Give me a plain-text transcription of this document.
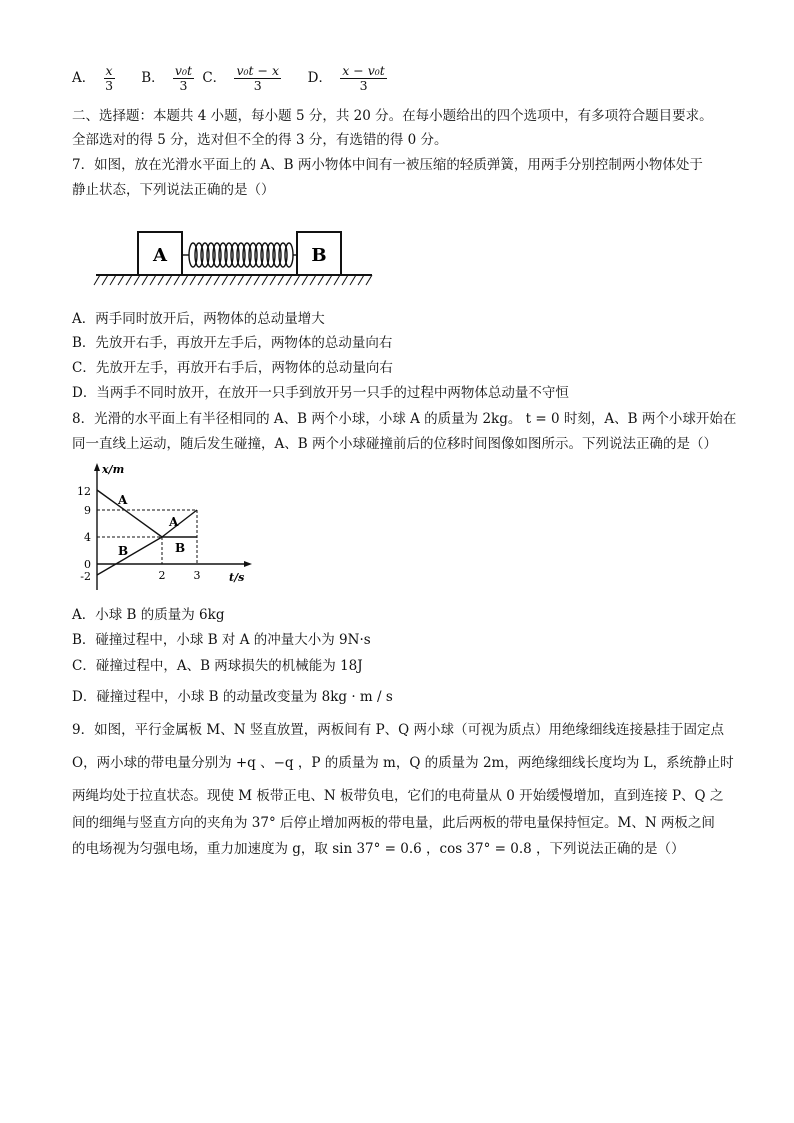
A． $\frac{x}{3}$ B． $\frac{\text{v₀t}}{3}$ C． $\frac{\text{v₀t − x}}{3}$ D． $\frac{\text{x − v₀t}}{3}$
二、选择题：本题共 4 小题，每小题 5 分，共 20 分。在每小题给出的四个选项中，有多项符合题目要求。
全部选对的得 5 分，选对但不全的得 3 分，有选错的得 0 分。
7．如图，放在光滑水平面上的 A、B 两小物体中间有一被压缩的轻质弹簧，用两手分别控制两小物体处于
静止状态，下列说法正确的是（）
A	B
A．两手同时放开后，两物体的总动量增大
B．先放开右手，再放开左手后，两物体的总动量向右
C．先放开左手，再放开右手后，两物体的总动量向右
D．当两手不同时放开，在放开一只手到放开另一只手的过程中两物体总动量不守恒
8．光滑的水平面上有半径相同的 A、B 两个小球，小球 A 的质量为 2kg。 t = 0 时刻，A、B 两个小球开始在
同一直线上运动，随后发生碰撞，A、B 两个小球碰撞前后的位移时间图像如图所示。下列说法正确的是（）
x/m
t/s
12
9
4
0
-2	2	3
A
A
B	B
A．小球 B 的质量为 6kg
B．碰撞过程中，小球 B 对 A 的冲量大小为 9N·s
C．碰撞过程中，A、B 两球损失的机械能为 18J
D．碰撞过程中，小球 B 的动量改变量为 8kg · m / s
9．如图，平行金属板 M、N 竖直放置，两板间有 P、Q 两小球（可视为质点）用绝缘细线连接悬挂于固定点
O，两小球的带电量分别为 +q 、−q ，P 的质量为 m，Q 的质量为 2m，两绝缘细线长度均为 L，系统静止时
两绳均处于拉直状态。现使 M 板带正电、N 板带负电，它们的电荷量从 0 开始缓慢增加，直到连接 P、Q 之
间的细绳与竖直方向的夹角为 37° 后停止增加两板的带电量，此后两板的带电量保持恒定。M、N 两板之间
的电场视为匀强电场，重力加速度为 g，取 sin 37° = 0.6 ，cos 37° = 0.8 ，下列说法正确的是（）
